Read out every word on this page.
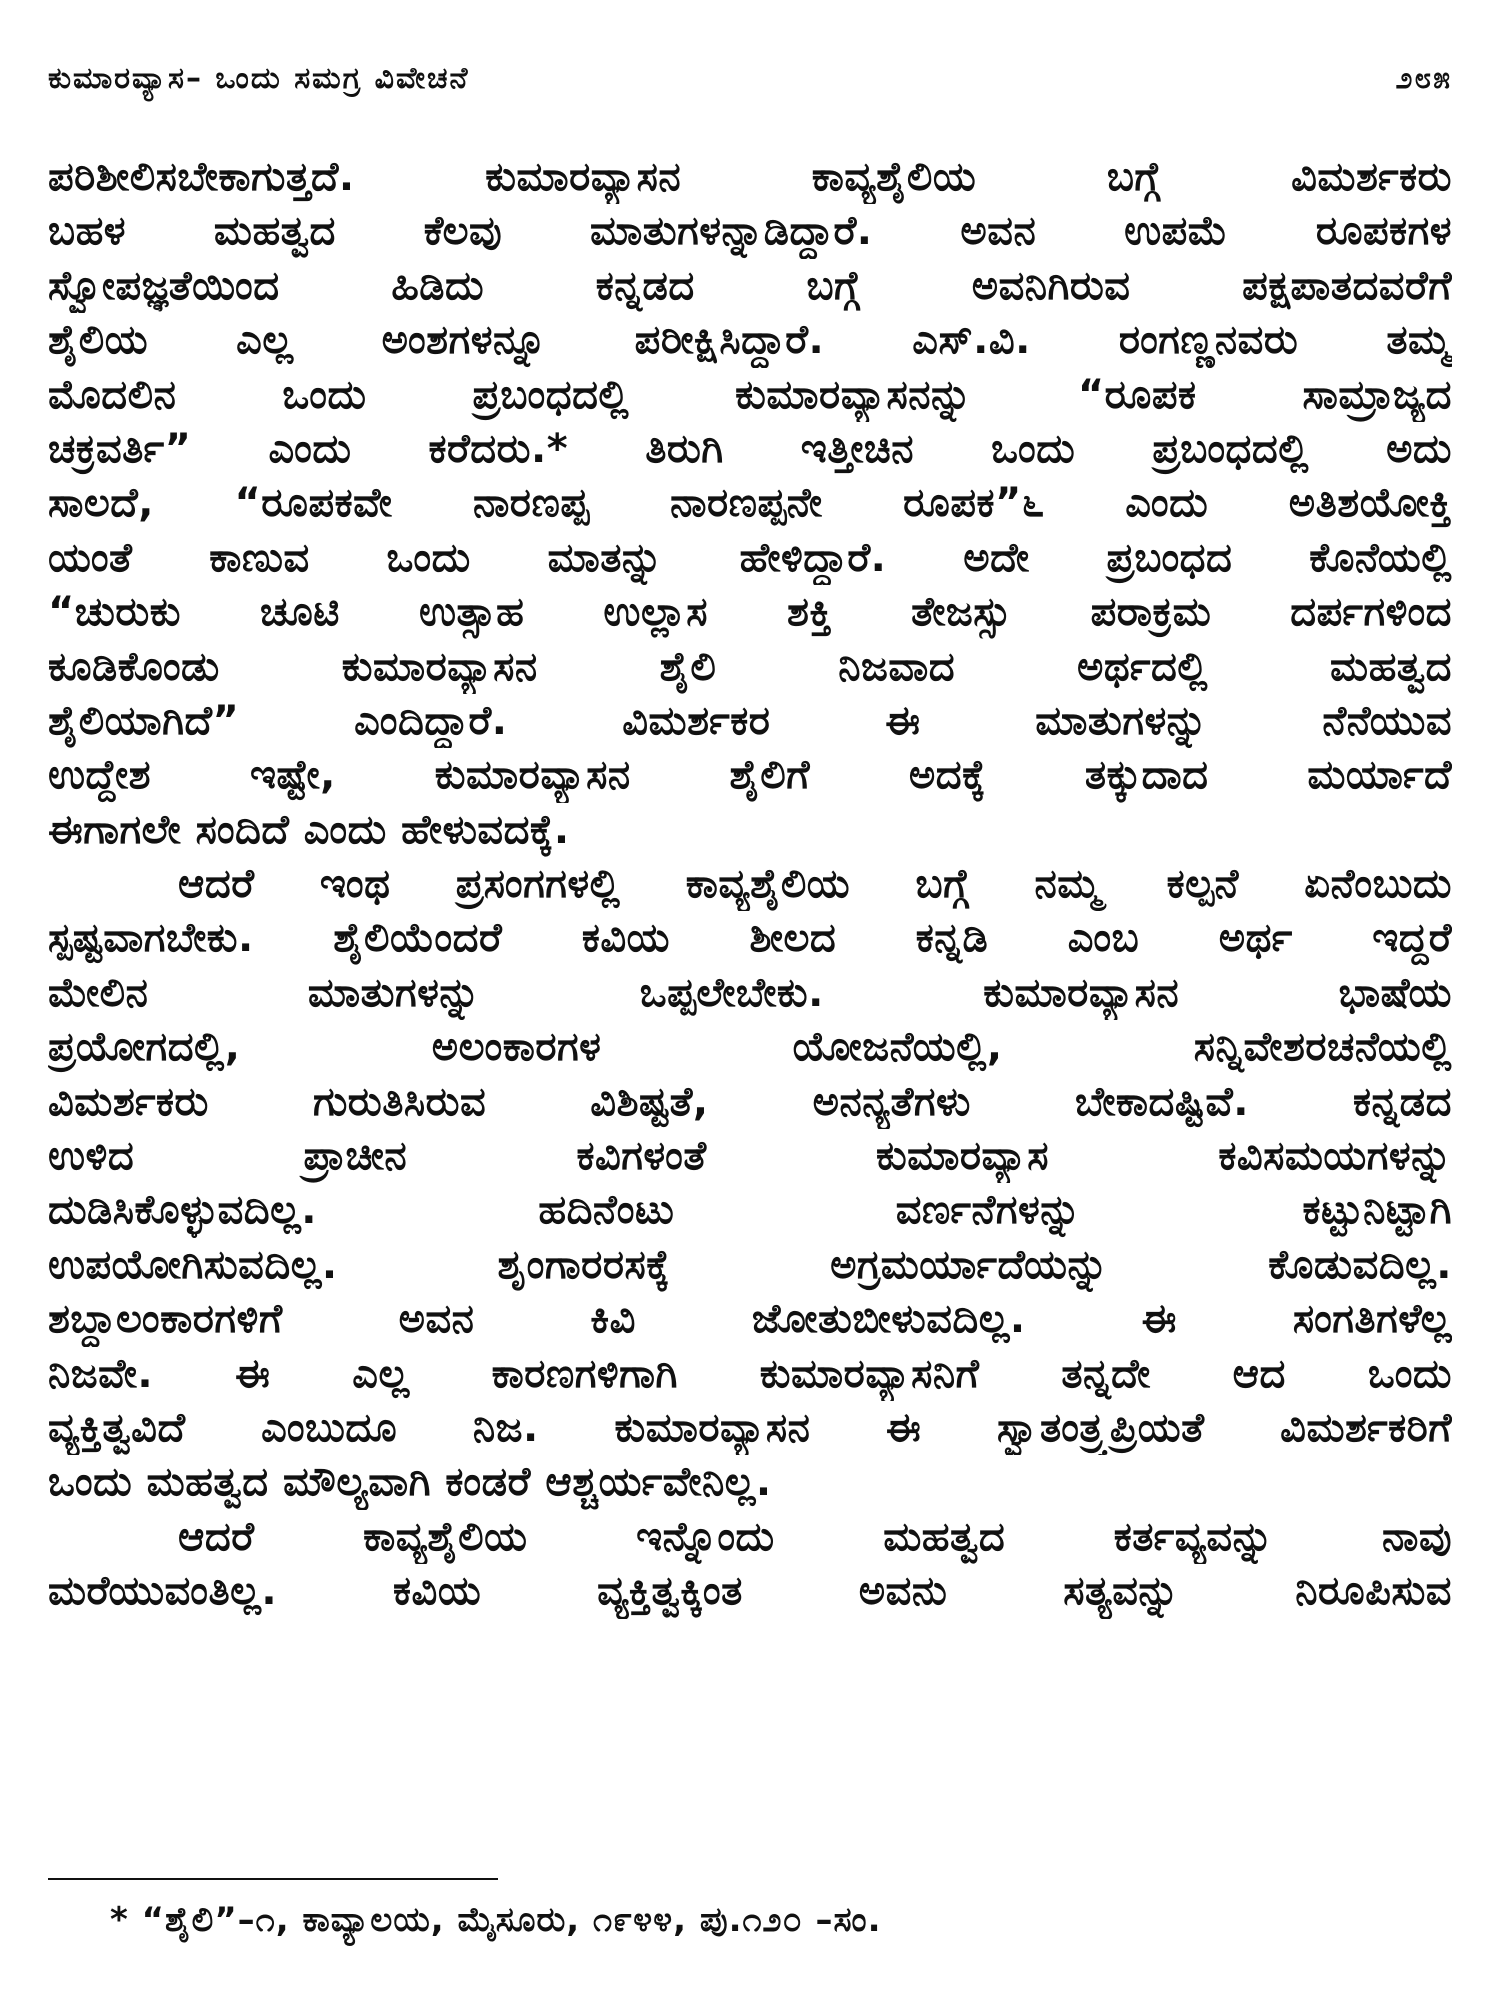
ಕುಮಾರವ್ಯಾಸ– ಒಂದು ಸಮಗ್ರ ವಿವೇಚನೆ	೨೮೫
ಪರಿಶೀಲಿಸಬೇಕಾಗುತ್ತದೆ. ಕುಮಾರವ್ಯಾಸನ ಕಾವ್ಯಶೈಲಿಯ ಬಗ್ಗೆ ವಿಮರ್ಶಕರು
ಬಹಳ ಮಹತ್ವದ ಕೆಲವು ಮಾತುಗಳನ್ನಾಡಿದ್ದಾರೆ. ಅವನ ಉಪಮೆ ರೂಪಕಗಳ
ಸ್ವೋಪಜ್ಞತೆಯಿಂದ ಹಿಡಿದು ಕನ್ನಡದ ಬಗ್ಗೆ ಅವನಿಗಿರುವ ಪಕ್ಷಪಾತದವರೆಗೆ
ಶೈಲಿಯ ಎಲ್ಲ ಅಂಶಗಳನ್ನೂ ಪರೀಕ್ಷಿಸಿದ್ದಾರೆ. ಎಸ್.ವಿ. ರಂಗಣ್ಣನವರು ತಮ್ಮ
ಮೊದಲಿನ ಒಂದು ಪ್ರಬಂಧದಲ್ಲಿ ಕುಮಾರವ್ಯಾಸನನ್ನು “ರೂಪಕ ಸಾಮ್ರಾಜ್ಯದ
ಚಕ್ರವರ್ತಿ” ಎಂದು ಕರೆದರು.* ತಿರುಗಿ ಇತ್ತೀಚಿನ ಒಂದು ಪ್ರಬಂಧದಲ್ಲಿ ಅದು
ಸಾಲದೆ, “ರೂಪಕವೇ ನಾರಣಪ್ಪ ನಾರಣಪ್ಪನೇ ರೂಪಕ”೬ ಎಂದು ಅತಿಶಯೋಕ್ತಿ
ಯಂತೆ ಕಾಣುವ ಒಂದು ಮಾತನ್ನು ಹೇಳಿದ್ದಾರೆ. ಅದೇ ಪ್ರಬಂಧದ ಕೊನೆಯಲ್ಲಿ
“ಚುರುಕು ಚೂಟಿ ಉತ್ಸಾಹ ಉಲ್ಲಾಸ ಶಕ್ತಿ ತೇಜಸ್ಸು ಪರಾಕ್ರಮ ದರ್ಪಗಳಿಂದ
ಕೂಡಿಕೊಂಡು ಕುಮಾರವ್ಯಾಸನ ಶೈಲಿ ನಿಜವಾದ ಅರ್ಥದಲ್ಲಿ ಮಹತ್ವದ
ಶೈಲಿಯಾಗಿದೆ” ಎಂದಿದ್ದಾರೆ. ವಿಮರ್ಶಕರ ಈ ಮಾತುಗಳನ್ನು ನೆನೆಯುವ
ಉದ್ದೇಶ ಇಷ್ಟೇ, ಕುಮಾರವ್ಯಾಸನ ಶೈಲಿಗೆ ಅದಕ್ಕೆ ತಕ್ಕುದಾದ ಮರ್ಯಾದೆ
ಈಗಾಗಲೇ ಸಂದಿದೆ ಎಂದು ಹೇಳುವದಕ್ಕೆ.
ಆದರೆ ಇಂಥ ಪ್ರಸಂಗಗಳಲ್ಲಿ ಕಾವ್ಯಶೈಲಿಯ ಬಗ್ಗೆ ನಮ್ಮ ಕಲ್ಪನೆ ಏನೆಂಬುದು
ಸ್ಪಷ್ಟವಾಗಬೇಕು. ಶೈಲಿಯೆಂದರೆ ಕವಿಯ ಶೀಲದ ಕನ್ನಡಿ ಎಂಬ ಅರ್ಥ ಇದ್ದರೆ
ಮೇಲಿನ ಮಾತುಗಳನ್ನು ಒಪ್ಪಲೇಬೇಕು. ಕುಮಾರವ್ಯಾಸನ ಭಾಷೆಯ
ಪ್ರಯೋಗದಲ್ಲಿ, ಅಲಂಕಾರಗಳ ಯೋಜನೆಯಲ್ಲಿ, ಸನ್ನಿವೇಶರಚನೆಯಲ್ಲಿ
ವಿಮರ್ಶಕರು ಗುರುತಿಸಿರುವ ವಿಶಿಷ್ಟತೆ, ಅನನ್ಯತೆಗಳು ಬೇಕಾದಷ್ಟಿವೆ. ಕನ್ನಡದ
ಉಳಿದ ಪ್ರಾಚೀನ ಕವಿಗಳಂತೆ ಕುಮಾರವ್ಯಾಸ ಕವಿಸಮಯಗಳನ್ನು
ದುಡಿಸಿಕೊಳ್ಳುವದಿಲ್ಲ. ಹದಿನೆಂಟು ವರ್ಣನೆಗಳನ್ನು ಕಟ್ಟುನಿಟ್ಟಾಗಿ
ಉಪಯೋಗಿಸುವದಿಲ್ಲ. ಶೃಂಗಾರರಸಕ್ಕೆ ಅಗ್ರಮರ್ಯಾದೆಯನ್ನು ಕೊಡುವದಿಲ್ಲ.
ಶಬ್ದಾಲಂಕಾರಗಳಿಗೆ ಅವನ ಕಿವಿ ಜೋತುಬೀಳುವದಿಲ್ಲ. ಈ ಸಂಗತಿಗಳೆಲ್ಲ
ನಿಜವೇ. ಈ ಎಲ್ಲ ಕಾರಣಗಳಿಗಾಗಿ ಕುಮಾರವ್ಯಾಸನಿಗೆ ತನ್ನದೇ ಆದ ಒಂದು
ವ್ಯಕ್ತಿತ್ವವಿದೆ ಎಂಬುದೂ ನಿಜ. ಕುಮಾರವ್ಯಾಸನ ಈ ಸ್ವಾತಂತ್ರ್ಯಪ್ರಿಯತೆ ವಿಮರ್ಶಕರಿಗೆ
ಒಂದು ಮಹತ್ವದ ಮೌಲ್ಯವಾಗಿ ಕಂಡರೆ ಆಶ್ಚರ್ಯವೇನಿಲ್ಲ.
ಆದರೆ ಕಾವ್ಯಶೈಲಿಯ ಇನ್ನೊಂದು ಮಹತ್ವದ ಕರ್ತವ್ಯವನ್ನು ನಾವು
ಮರೆಯುವಂತಿಲ್ಲ. ಕವಿಯ ವ್ಯಕ್ತಿತ್ವಕ್ಕಿಂತ ಅವನು ಸತ್ಯವನ್ನು ನಿರೂಪಿಸುವ
* “ಶೈಲಿ”–೧, ಕಾವ್ಯಾಲಯ, ಮೈಸೂರು, ೧೯೪೪, ಪು.೧೨೦ –ಸಂ.
